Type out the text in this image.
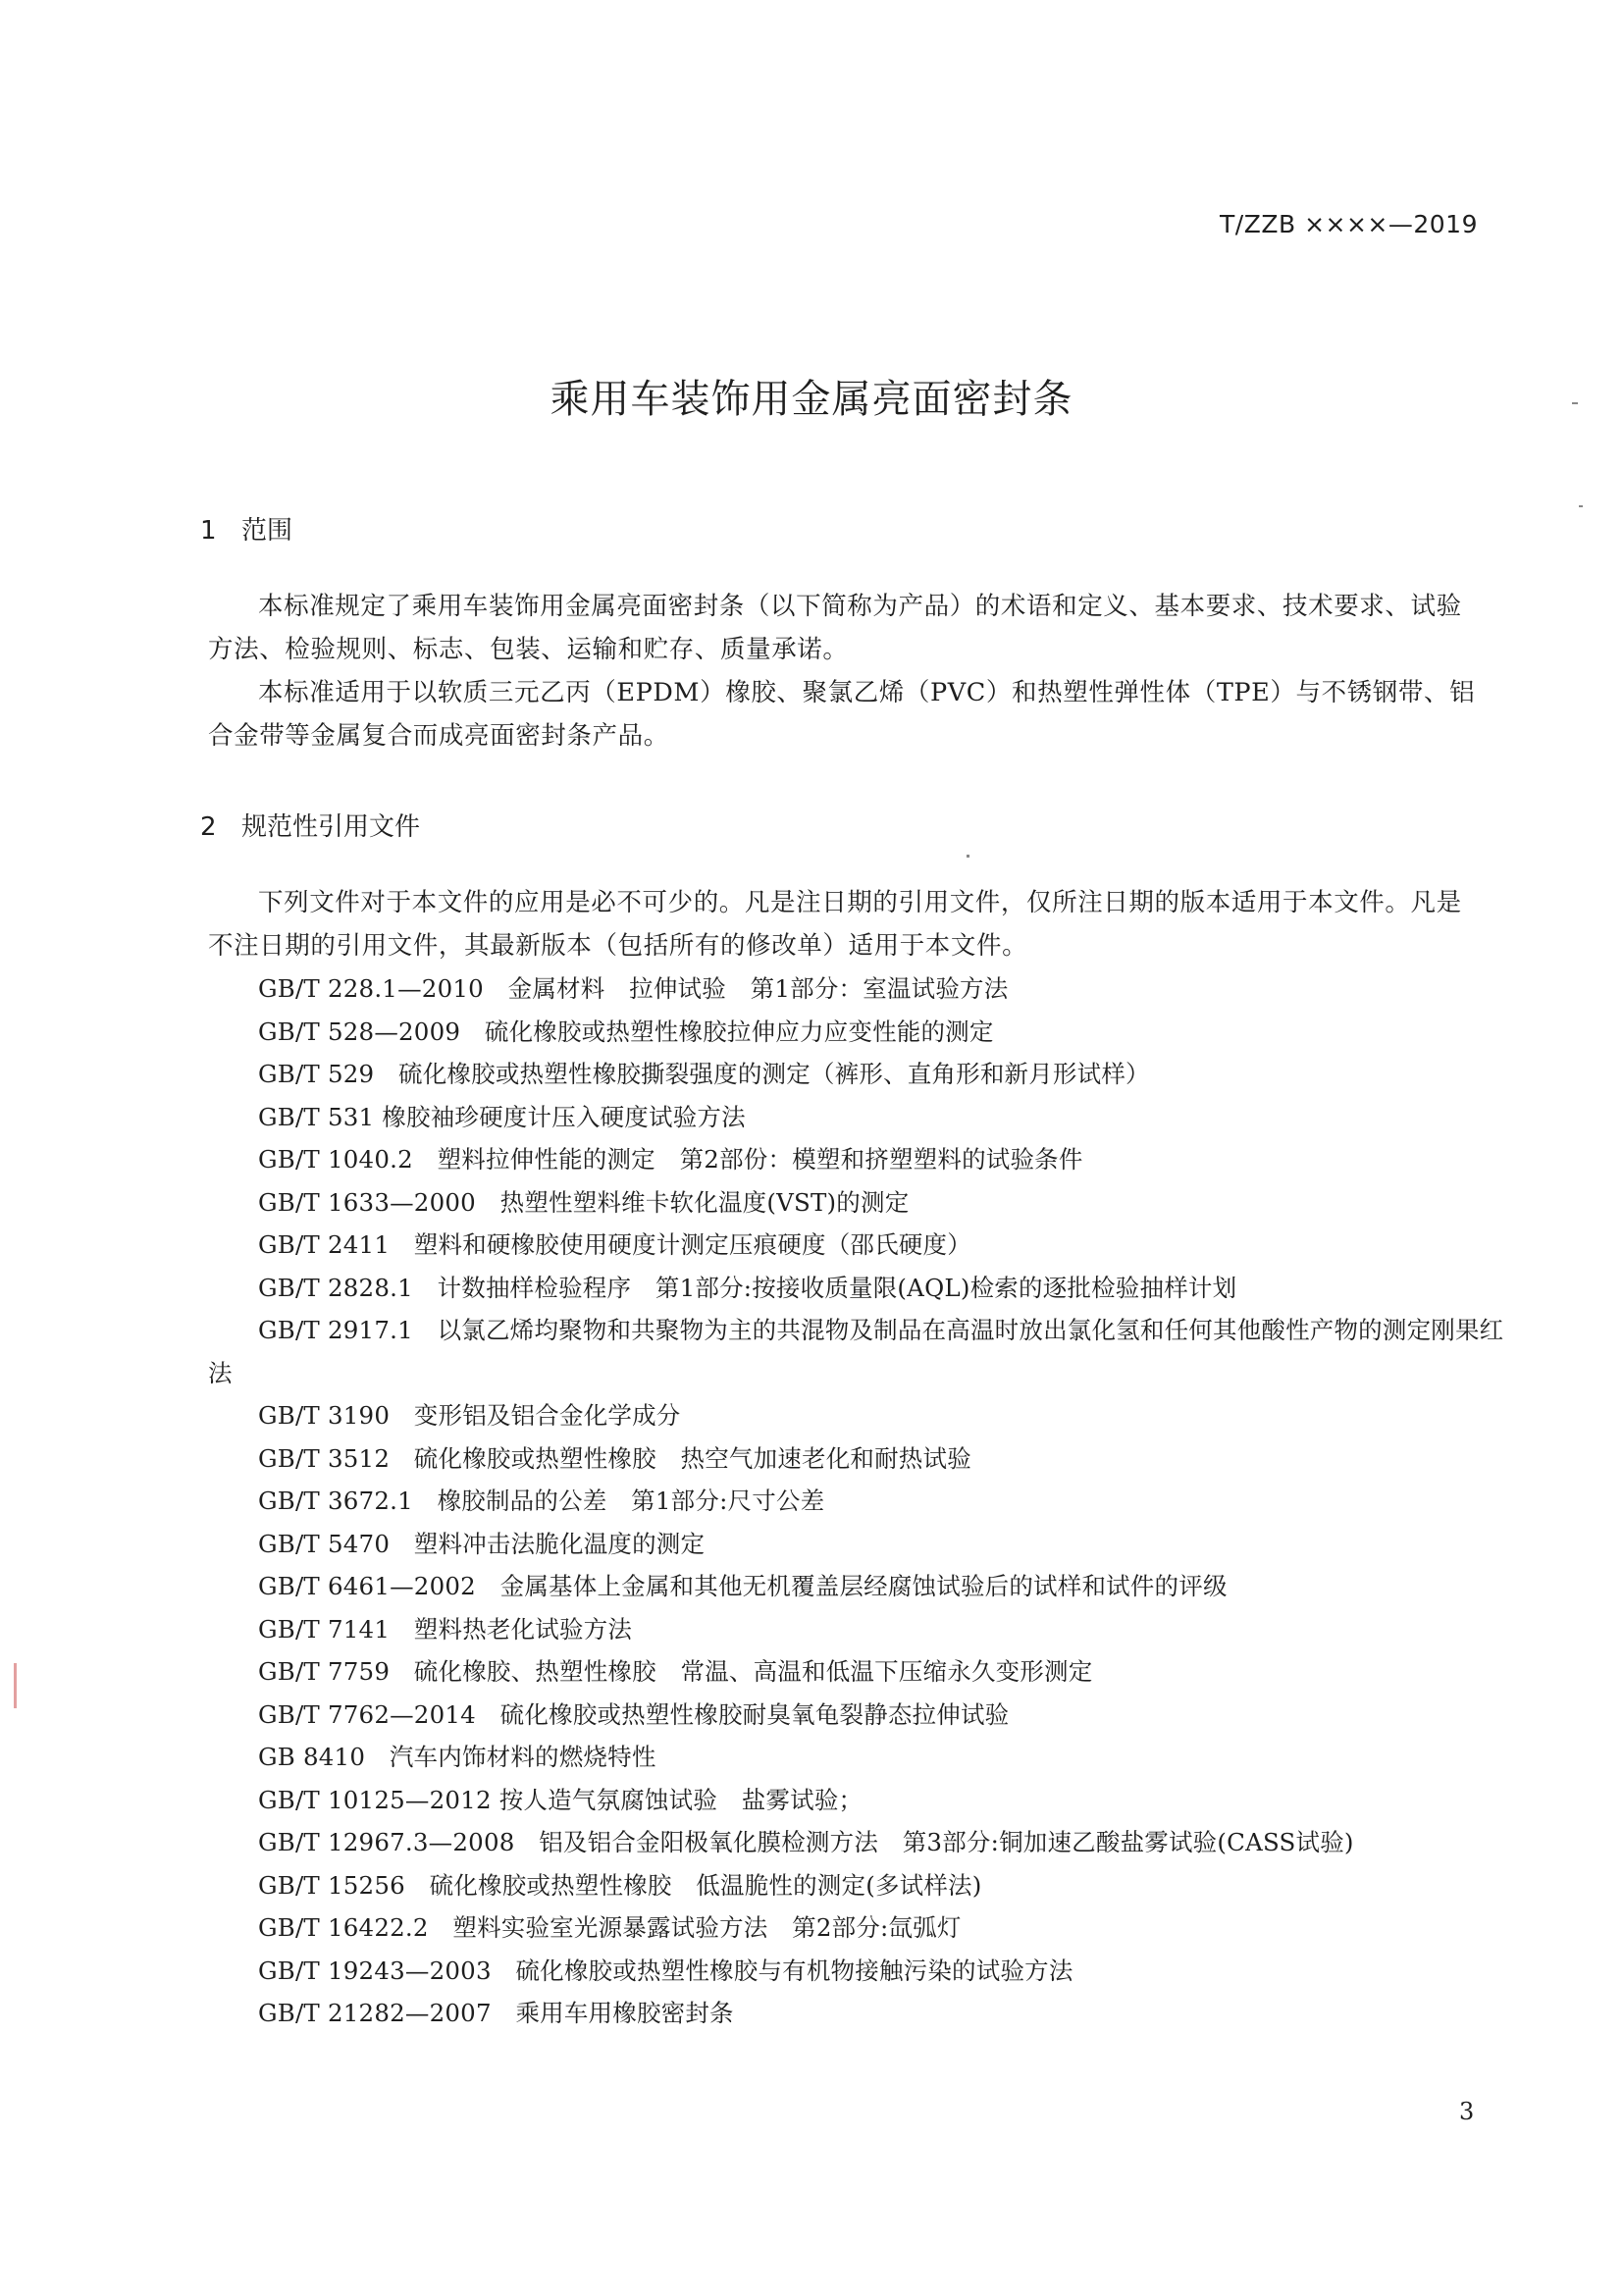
T/ZZB ××××—2019
乘用车装饰用金属亮面密封条
1 范围

本标准规定了乘用车装饰用金属亮面密封条（以下简称为产品）的术语和定义、基本要求、技术要求、试验方法、检验规则、标志、包装、运输和贮存、质量承诺。

本标准适用于以软质三元乙丙（EPDM）橡胶、聚氯乙烯（PVC）和热塑性弹性体（TPE）与不锈钢带、铝合金带等金属复合而成亮面密封条产品。

2 规范性引用文件

下列文件对于本文件的应用是必不可少的。凡是注日期的引用文件，仅所注日期的版本适用于本文件。凡是不注日期的引用文件，其最新版本（包括所有的修改单）适用于本文件。

GB/T 228.1—2010　金属材料　拉伸试验　第1部分：室温试验方法
GB/T 528—2009　硫化橡胶或热塑性橡胶拉伸应力应变性能的测定
GB/T 529　硫化橡胶或热塑性橡胶撕裂强度的测定（裤形、直角形和新月形试样）
GB/T 531 橡胶袖珍硬度计压入硬度试验方法
GB/T 1040.2　塑料拉伸性能的测定　第2部份：模塑和挤塑塑料的试验条件
GB/T 1633—2000　热塑性塑料维卡软化温度(VST)的测定
GB/T 2411　塑料和硬橡胶使用硬度计测定压痕硬度（邵氏硬度）
GB/T 2828.1　计数抽样检验程序　第1部分:按接收质量限(AQL)检索的逐批检验抽样计划
GB/T 2917.1　以氯乙烯均聚物和共聚物为主的共混物及制品在高温时放出氯化氢和任何其他酸性产物的测定刚果红法
GB/T 3190　变形铝及铝合金化学成分
GB/T 3512　硫化橡胶或热塑性橡胶　热空气加速老化和耐热试验
GB/T 3672.1　橡胶制品的公差　第1部分:尺寸公差
GB/T 5470　塑料冲击法脆化温度的测定
GB/T 6461—2002　金属基体上金属和其他无机覆盖层经腐蚀试验后的试样和试件的评级
GB/T 7141　塑料热老化试验方法
GB/T 7759　硫化橡胶、热塑性橡胶　常温、高温和低温下压缩永久变形测定
GB/T 7762—2014　硫化橡胶或热塑性橡胶耐臭氧龟裂静态拉伸试验
GB 8410　汽车内饰材料的燃烧特性
GB/T 10125—2012 按人造气氛腐蚀试验　盐雾试验；
GB/T 12967.3—2008　铝及铝合金阳极氧化膜检测方法　第3部分:铜加速乙酸盐雾试验(CASS试验)
GB/T 15256　硫化橡胶或热塑性橡胶　低温脆性的测定(多试样法)
GB/T 16422.2　塑料实验室光源暴露试验方法　第2部分:氙弧灯
GB/T 19243—2003　硫化橡胶或热塑性橡胶与有机物接触污染的试验方法
GB/T 21282—2007　乘用车用橡胶密封条
3
